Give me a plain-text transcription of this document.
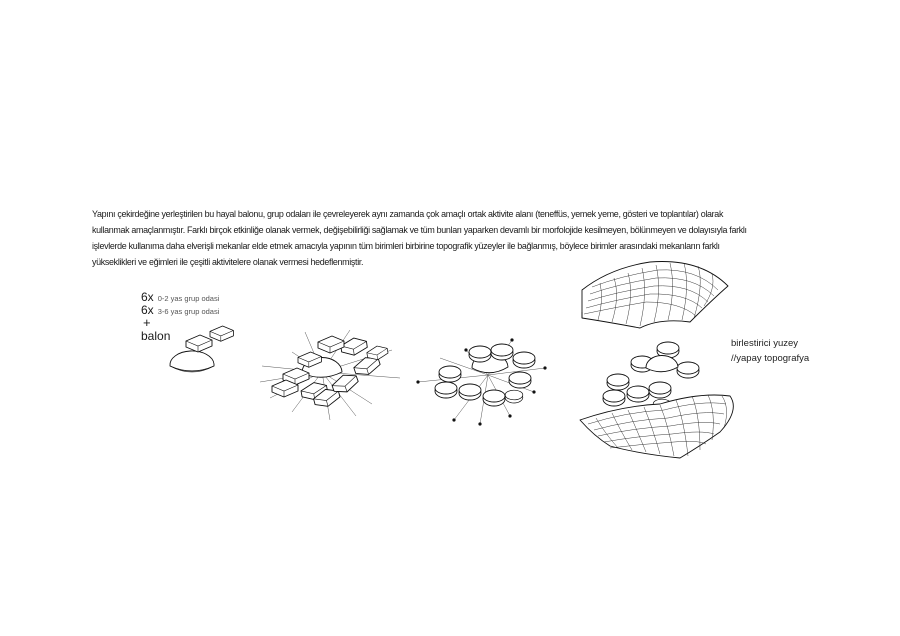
Yapını çekirdeğine yerleştirilen bu hayal balonu, grup odaları ile çevreleyerek aynı zamanda çok amaçlı ortak aktivite alanı (teneffüs, yemek yeme, gösteri ve toplantılar) olarak
kullanmak amaçlanmıştır. Farklı birçok etkinliğe olanak vermek, değişebilirliği sağlamak ve tüm bunları yaparken devamlı bir morfolojide kesilmeyen, bölünmeyen ve dolayısıyla farklı
işlevlerde kullanıma daha elverişli mekanlar elde etmek amacıyla yapının tüm birimleri birbirine topografik yüzeyler ile bağlanmış, böylece birimler arasındaki mekanların farklı
yükseklikleri ve eğimleri ile çeşitli aktivitelere olanak vermesi hedeflenmiştir.

6x 0-2 yas grup odasi
6x 3-6 yas grup odasi
+
balon
birlestirici yuzey
//yapay topografya
